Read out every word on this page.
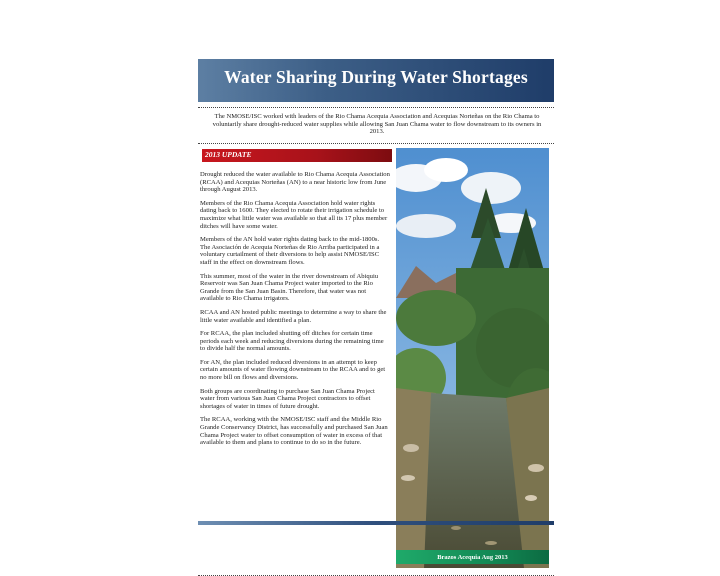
Water Sharing During Water Shortages
The NMOSE/ISC worked with leaders of the Rio Chama Acequia Association and Acequias Norteñas on the Rio Chama to voluntarily share drought-reduced water supplies while allowing San Juan Chama water to flow downstream to its owners in 2013.
2013 UPDATE

Drought reduced the water available to Rio Chama Acequia Association (RCAA) and Acequias Norteñas (AN) to a near historic low from June through August 2013.

Members of the Rio Chama Acequia Association hold water rights dating back to 1600. They elected to rotate their irrigation schedule to maximize what little water was available so that all its 17 plus member ditches will have some water.

Members of the AN hold water rights dating back to the mid-1800s. The Asociación de Acequia Norteñas de Rio Arriba participated in a voluntary curtailment of their diversions to help assist NMOSE/ISC staff in the effect on downstream flows.

This summer, most of the water in the river downstream of Abiquiu Reservoir was San Juan Chama Project water imported to the Rio Grande from the San Juan Basin. Therefore, that water was not available to Rio Chama irrigators.

RCAA and AN hosted public meetings to determine a way to share the little water available and identified a plan.

For RCAA, the plan included shutting off ditches for certain time periods each week and reducing diversions during the remaining time to divide half the normal amounts.

For AN, the plan included reduced diversions in an attempt to keep certain amounts of water flowing downstream to the RCAA and to get no more bill on flows and diversions.

Both groups are coordinating to purchase San Juan Chama Project water from various San Juan Chama Project contractors to offset shortages of water in times of future drought.

The RCAA, working with the NMOSE/ISC staff and the Middle Rio Grande Conservancy District, has successfully and purchased San Juan Chama Project water to offset consumption of water in excess of that available to them and plans to continue to do so in the future.

Brazos Acequia Aug 2013
